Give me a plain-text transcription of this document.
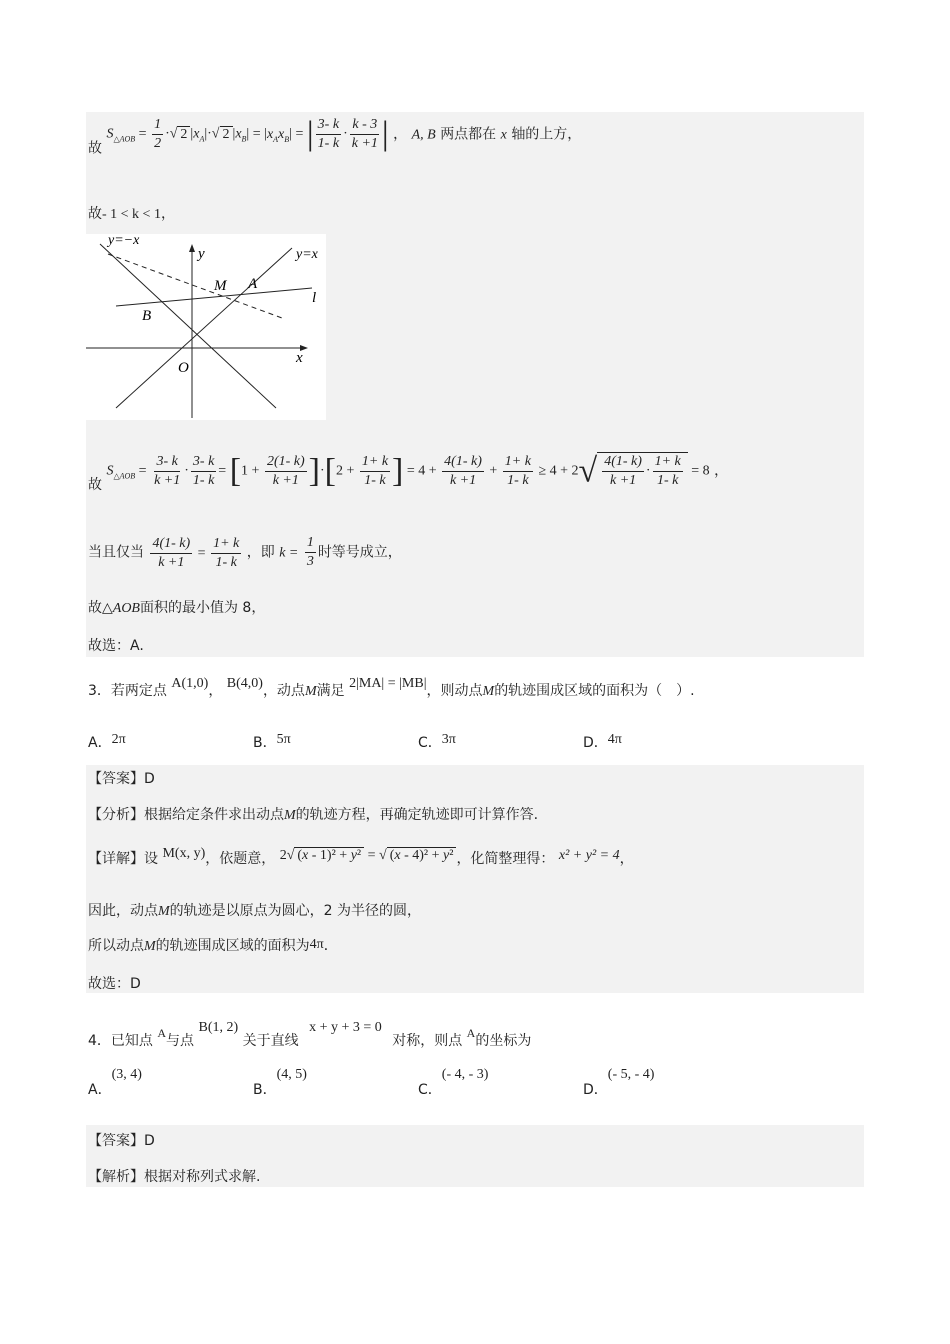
故 $S_{\triangle AOB} = \frac{1}{2}$ ·√ 2 $|x_A|\cdot√$ 2 $|x_B| = |x_Ax_B|$ = | $\frac{3- k}{1- k} \cdot \frac{k - 3}{k +1}$ | ， A, B 两点都在 x 轴的上方，
故- 1 < k < 1，
y=−x
y	y=x
M A
l
B
x
O
故 $S_{\triangle AOB} = \frac{3- k}{k +1} \cdot \frac{3- k}{1- k} = [1 + \frac{2(1- k)}{k +1} ]\cdot[2 + \frac{1+ k}{1- k}$ ] = $4 + \frac{4(1- k)}{k +1} + \frac{1+ k}{1- k} \ge 4 + 2√ \frac{4(1- k)}{k +1} \cdot \frac{1+ k}{1- k} = 8$ ，
当且仅当 $\frac{4(1- k)}{k +1} = \frac{1+ k}{1- k}$ ，即 $k = \frac{1}{3}$ 时等号成立，
故△AOB面积的最小值为 8，
故选：A.
3．若两定点 A(1,0)， B(4,0)，动点M满足 2|MA| = |MB|，则动点M的轨迹围成区域的面积为（　）.
A．2π	B．5π	C．3π	D．4π
【答案】D
【分析】根据给定条件求出动点M的轨迹方程，再确定轨迹即可计算作答.
【详解】设 M(x, y)，依题意， 2√ (x - 1)² + y² = √ (x - 4)² + y² ，化简整理得： x² + y² = 4，
因此，动点M的轨迹是以原点为圆心，2 为半径的圆，
所以动点M的轨迹围成区域的面积为4π．
故选：D
4．已知点 A与点 B(1, 2) 关于直线 x + y + 3 = 0 对称，则点 A的坐标为
A．(3, 4)
B．(4, 5)
C．(- 4, - 3)
D．(- 5, - 4)
【答案】D
【解析】根据对称列式求解.
